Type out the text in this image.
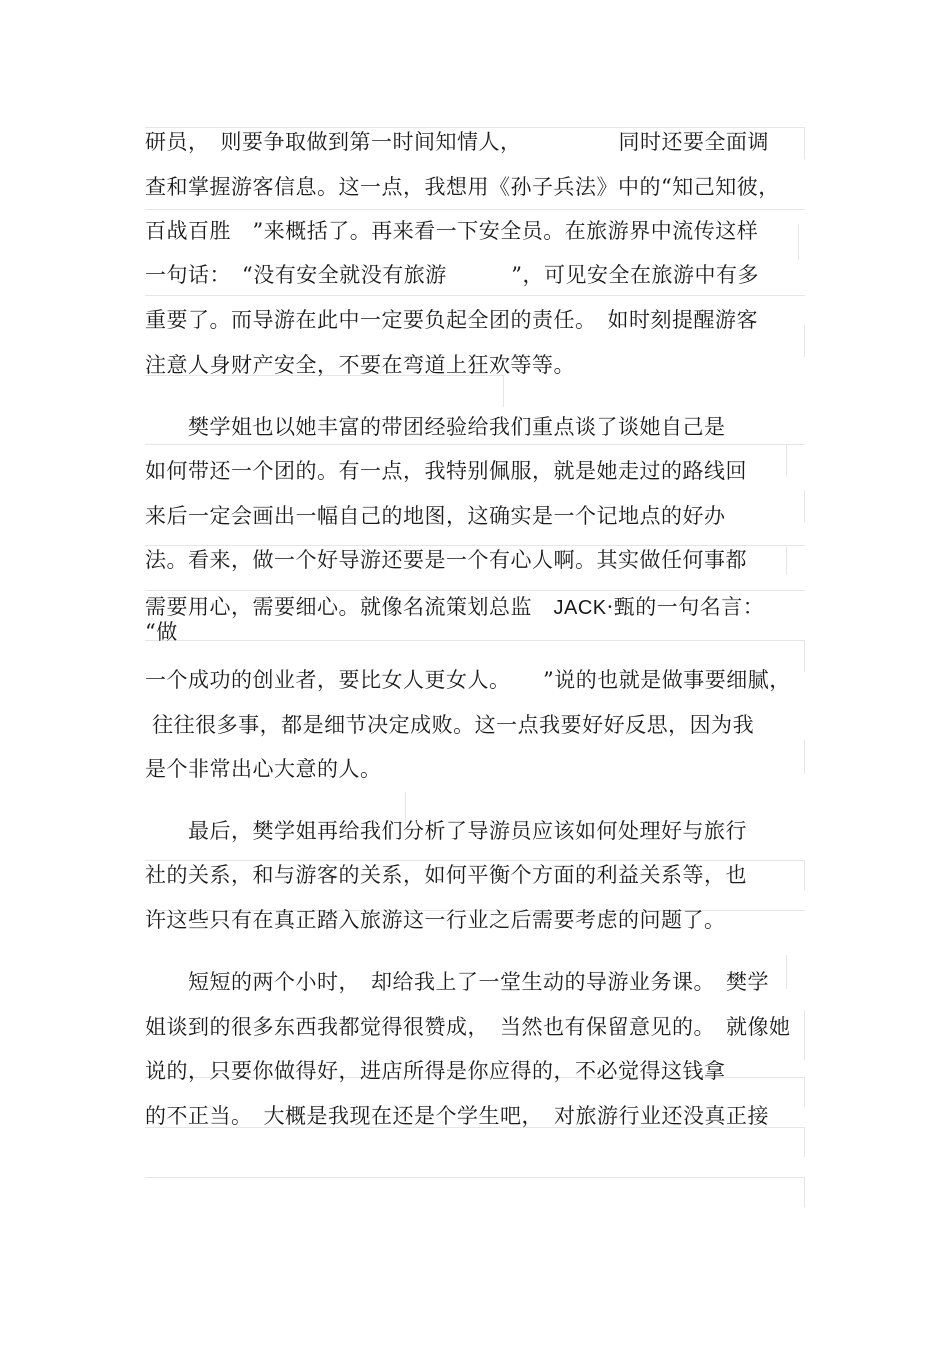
研员，　则要争取做到第一时间知情人，　　　　　同时还要全面调
查和掌握游客信息。这一点，我想用《孙子兵法》中的“知己知彼，
百战百胜　”来概括了。再来看一下安全员。在旅游界中流传这样
一句话：　“没有安全就没有旅游　　　”，可见安全在旅游中有多
重要了。而导游在此中一定要负起全团的责任。　如时刻提醒游客
注意人身财产安全，不要在弯道上狂欢等等。
　　樊学姐也以她丰富的带团经验给我们重点谈了谈她自己是
如何带还一个团的。有一点，我特别佩服，就是她走过的路线回
来后一定会画出一幅自己的地图，这确实是一个记地点的好办
法。看来，做一个好导游还要是一个有心人啊。其实做任何事都
需要用心，需要细心。就像名流策划总监　JACK·甄的一句名言：
“做
一个成功的创业者，要比女人更女人。　　”说的也就是做事要细腻，
往往很多事，都是细节决定成败。这一点我要好好反思，因为我
是个非常出心大意的人。
　　最后，樊学姐再给我们分析了导游员应该如何处理好与旅行
社的关系，和与游客的关系，如何平衡个方面的利益关系等，也
许这些只有在真正踏入旅游这一行业之后需要考虑的问题了。
　　短短的两个小时，　却给我上了一堂生动的导游业务课。　樊学
姐谈到的很多东西我都觉得很赞成，　当然也有保留意见的。　就像她
说的，只要你做得好，进店所得是你应得的，不必觉得这钱拿
的不正当。　大概是我现在还是个学生吧，　对旅游行业还没真正接
